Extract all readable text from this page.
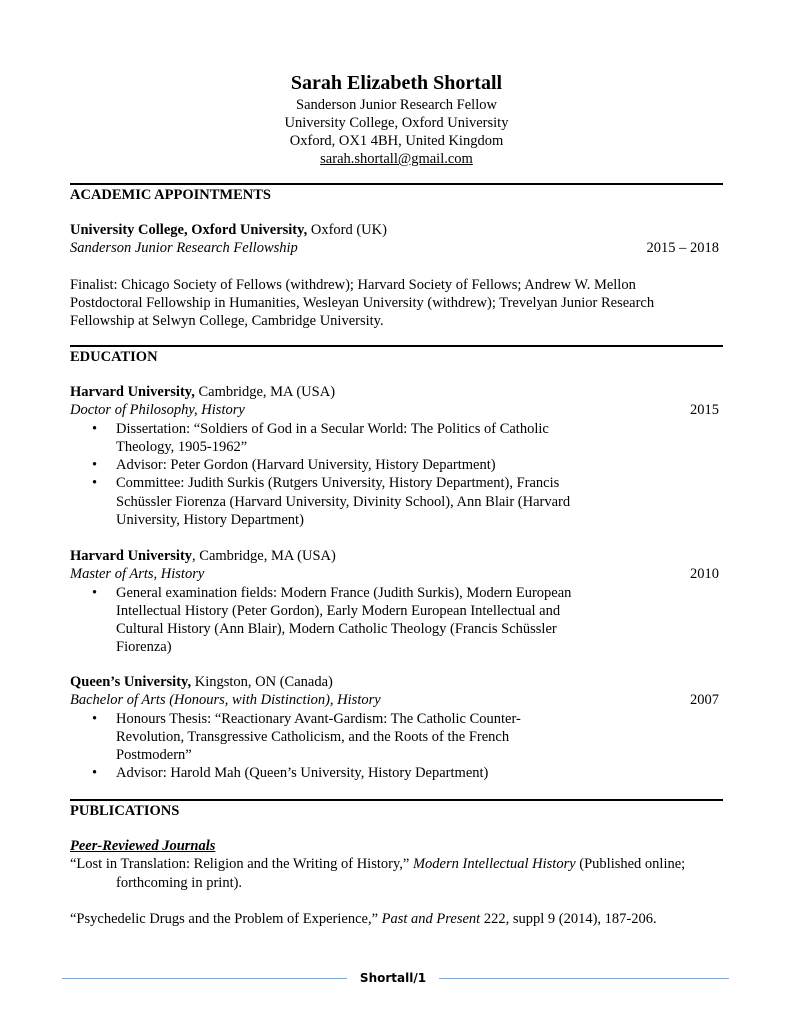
Sarah Elizabeth Shortall
Sanderson Junior Research Fellow
University College, Oxford University
Oxford, OX1 4BH, United Kingdom
sarah.shortall@gmail.com
ACADEMIC APPOINTMENTS
University College, Oxford University, Oxford (UK)
Sanderson Junior Research Fellowship	2015 – 2018
Finalist: Chicago Society of Fellows (withdrew); Harvard Society of Fellows; Andrew W. Mellon Postdoctoral Fellowship in Humanities, Wesleyan University (withdrew); Trevelyan Junior Research Fellowship at Selwyn College, Cambridge University.
EDUCATION
Harvard University, Cambridge, MA (USA)
Doctor of Philosophy, History	2015
• Dissertation: “Soldiers of God in a Secular World: The Politics of Catholic Theology, 1905-1962”
• Advisor: Peter Gordon (Harvard University, History Department)
• Committee: Judith Surkis (Rutgers University, History Department), Francis Schüssler Fiorenza (Harvard University, Divinity School), Ann Blair (Harvard University, History Department)
Harvard University, Cambridge, MA (USA)
Master of Arts, History	2010
• General examination fields: Modern France (Judith Surkis), Modern European Intellectual History (Peter Gordon), Early Modern European Intellectual and Cultural History (Ann Blair), Modern Catholic Theology (Francis Schüssler Fiorenza)
Queen’s University, Kingston, ON (Canada)
Bachelor of Arts (Honours, with Distinction), History	2007
• Honours Thesis: “Reactionary Avant-Gardism: The Catholic Counter-Revolution, Transgressive Catholicism, and the Roots of the French Postmodern”
• Advisor: Harold Mah (Queen’s University, History Department)
PUBLICATIONS
Peer-Reviewed Journals
“Lost in Translation: Religion and the Writing of History,” Modern Intellectual History (Published online; forthcoming in print).
“Psychedelic Drugs and the Problem of Experience,” Past and Present 222, suppl 9 (2014), 187-206.
Shortall/1
